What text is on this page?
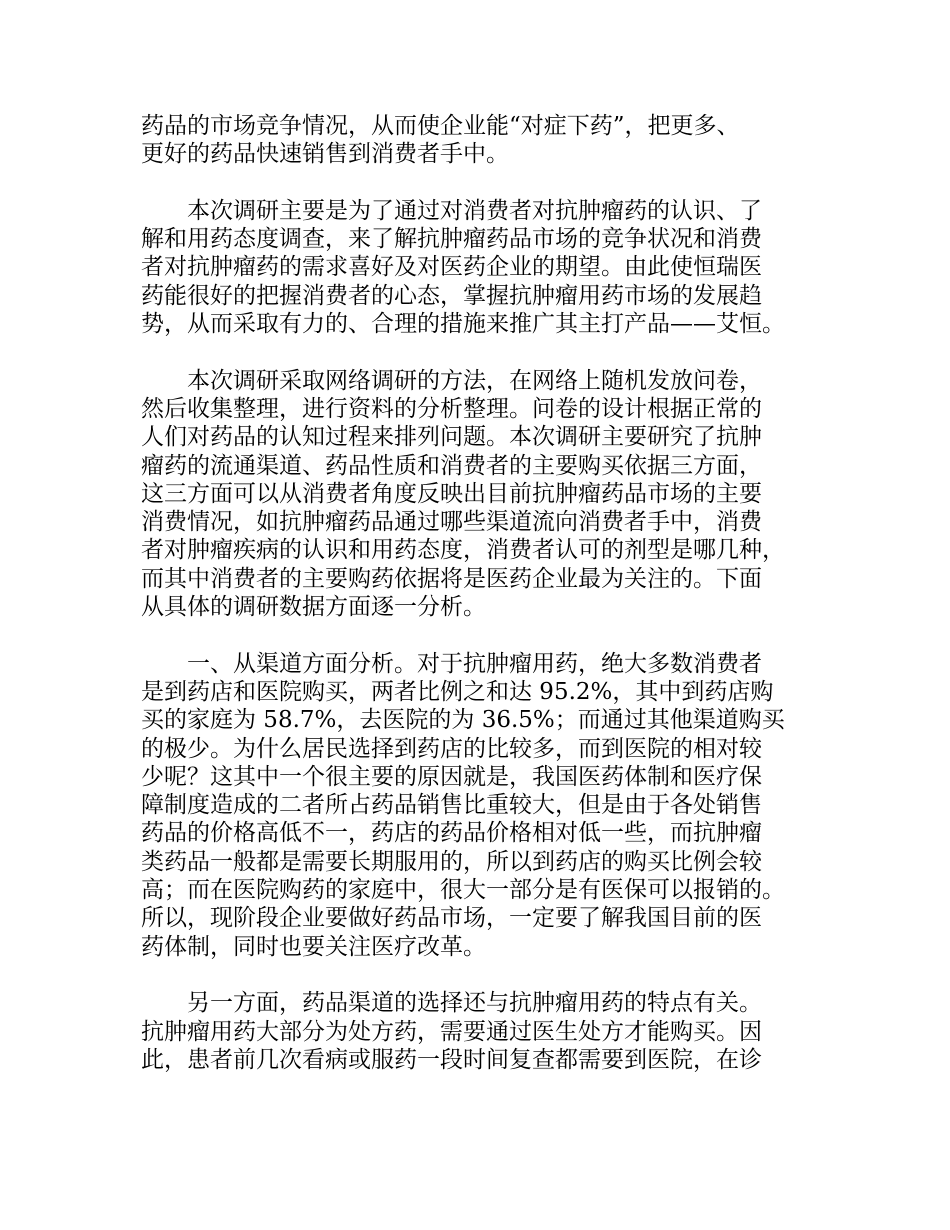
药品的市场竞争情况，从而使企业能“对症下药”，把更多、
更好的药品快速销售到消费者手中。
本次调研主要是为了通过对消费者对抗肿瘤药的认识、了
解和用药态度调查，来了解抗肿瘤药品市场的竞争状况和消费
者对抗肿瘤药的需求喜好及对医药企业的期望。由此使恒瑞医
药能很好的把握消费者的心态，掌握抗肿瘤用药市场的发展趋
势，从而采取有力的、合理的措施来推广其主打产品——艾恒。
本次调研采取网络调研的方法，在网络上随机发放问卷，
然后收集整理，进行资料的分析整理。问卷的设计根据正常的
人们对药品的认知过程来排列问题。本次调研主要研究了抗肿
瘤药的流通渠道、药品性质和消费者的主要购买依据三方面，
这三方面可以从消费者角度反映出目前抗肿瘤药品市场的主要
消费情况，如抗肿瘤药品通过哪些渠道流向消费者手中，消费
者对肿瘤疾病的认识和用药态度，消费者认可的剂型是哪几种，
而其中消费者的主要购药依据将是医药企业最为关注的。下面
从具体的调研数据方面逐一分析。
一、从渠道方面分析。对于抗肿瘤用药，绝大多数消费者
是到药店和医院购买，两者比例之和达 95.2%，其中到药店购
买的家庭为 58.7%，去医院的为 36.5%；而通过其他渠道购买
的极少。为什么居民选择到药店的比较多，而到医院的相对较
少呢？这其中一个很主要的原因就是，我国医药体制和医疗保
障制度造成的二者所占药品销售比重较大，但是由于各处销售
药品的价格高低不一，药店的药品价格相对低一些，而抗肿瘤
类药品一般都是需要长期服用的，所以到药店的购买比例会较
高；而在医院购药的家庭中，很大一部分是有医保可以报销的。
所以，现阶段企业要做好药品市场，一定要了解我国目前的医
药体制，同时也要关注医疗改革。
另一方面，药品渠道的选择还与抗肿瘤用药的特点有关。
抗肿瘤用药大部分为处方药，需要通过医生处方才能购买。因
此，患者前几次看病或服药一段时间复查都需要到医院，在诊
